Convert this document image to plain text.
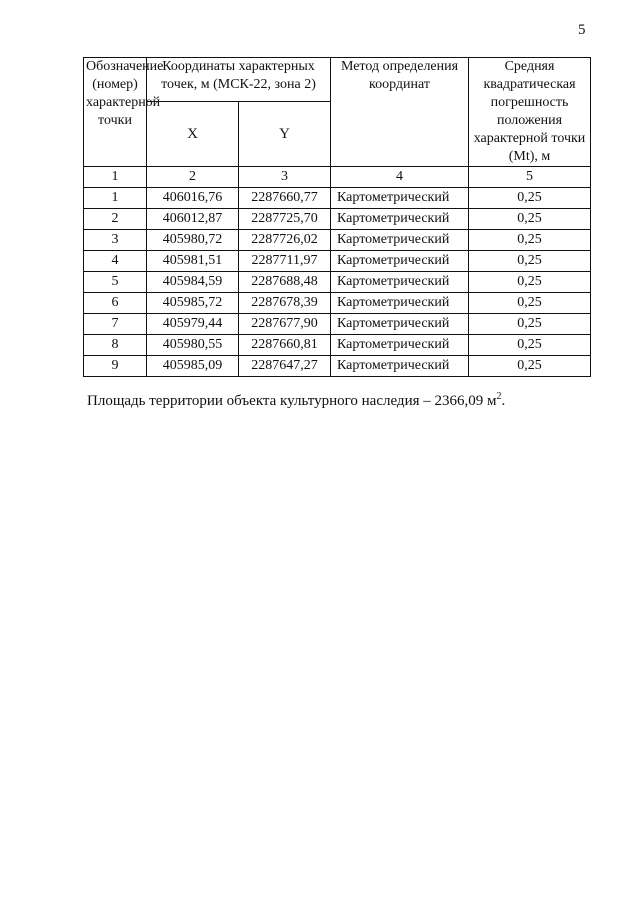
5
Обозначение (номер) характерной точки	Координаты характерных точек, м (МСК-22, зона 2)		Метод определения координат	Средняя квадратическая погрешность положения характерной точки (Mt), м
	X	Y		
1	2	3	4	5
1	406016,76	2287660,77	Картометрический	0,25
2	406012,87	2287725,70	Картометрический	0,25
3	405980,72	2287726,02	Картометрический	0,25
4	405981,51	2287711,97	Картометрический	0,25
5	405984,59	2287688,48	Картометрический	0,25
6	405985,72	2287678,39	Картометрический	0,25
7	405979,44	2287677,90	Картометрический	0,25
8	405980,55	2287660,81	Картометрический	0,25
9	405985,09	2287647,27	Картометрический	0,25
Площадь территории объекта культурного наследия – 2366,09 $м^2$.
